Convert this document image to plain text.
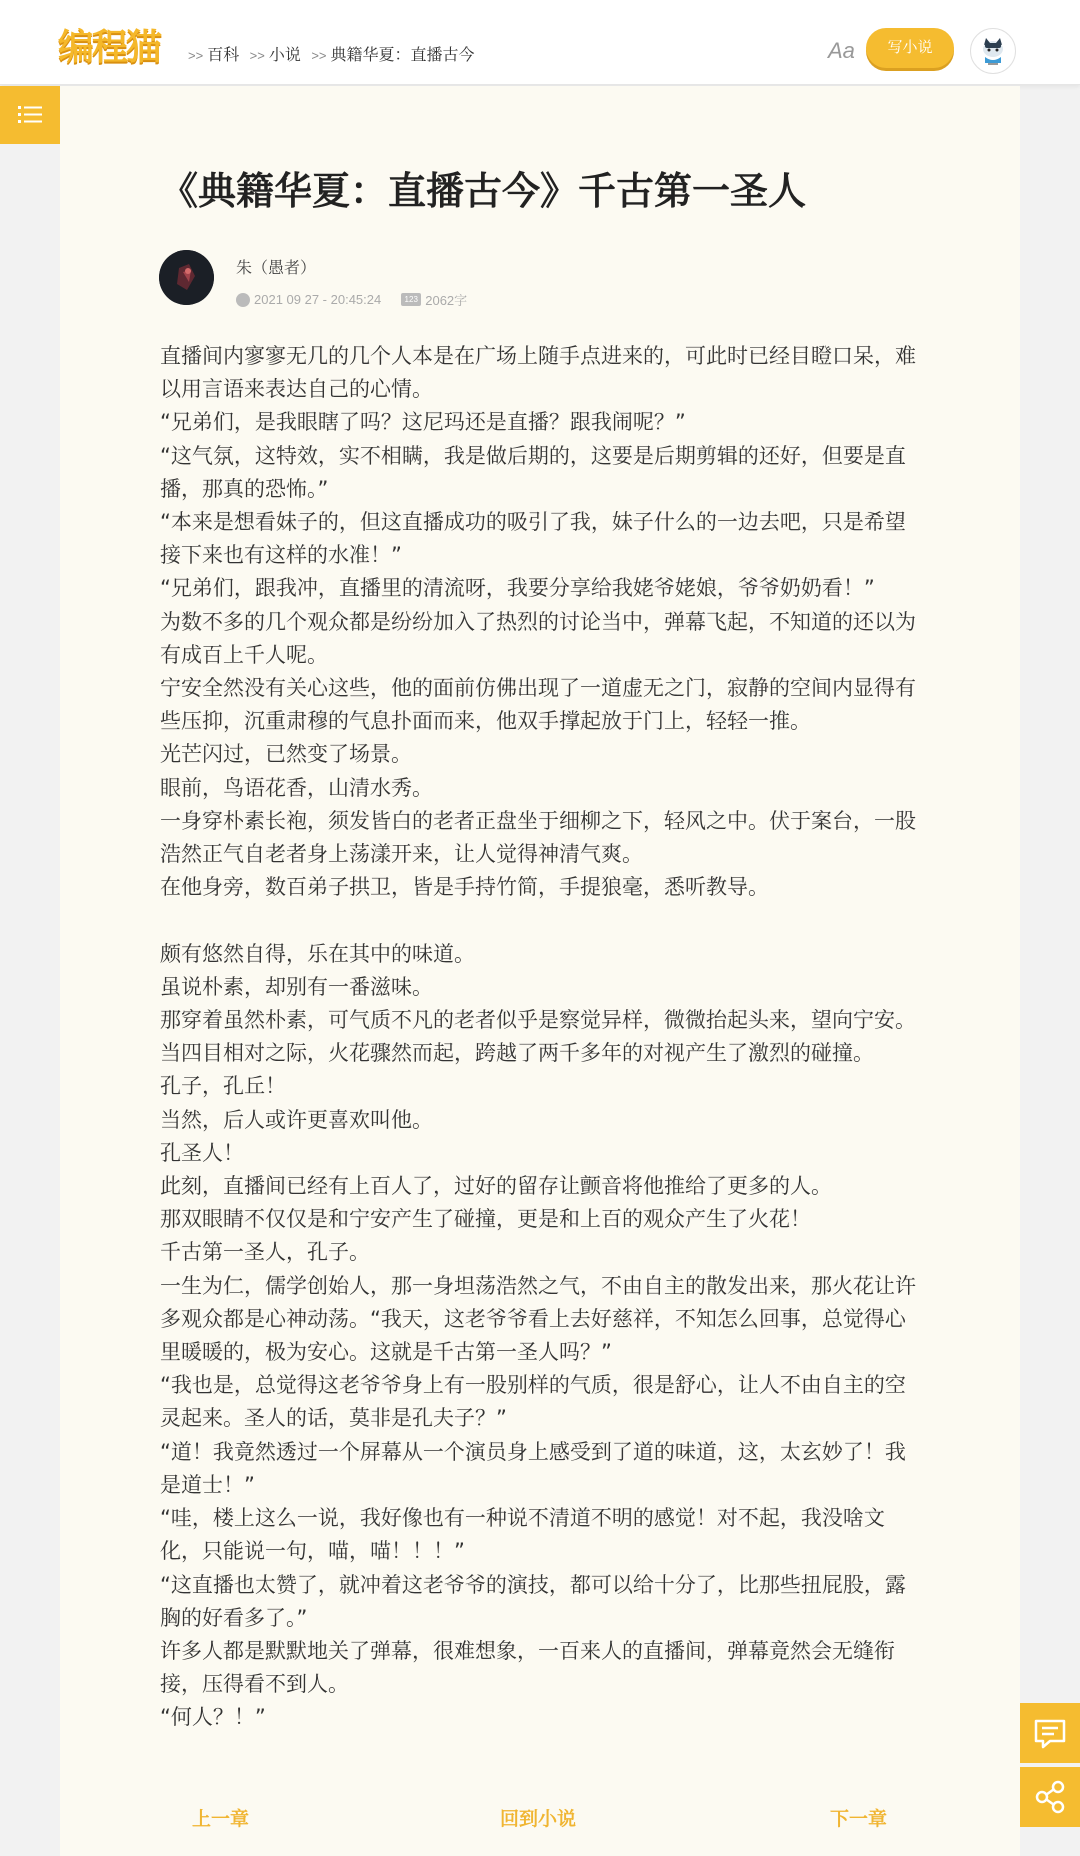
编程猫	>> 百科 >> 小说 >> 典籍华夏：直播古今	Aa	写小说
《典籍华夏：直播古今》千古第一圣人
朱（愚者）
2021 09 27 - 20:45:24	123 2062字

直播间内寥寥无几的几个人本是在广场上随手点进来的，可此时已经目瞪口呆，难以用言语来表达自己的心情。

“兄弟们，是我眼瞎了吗？这尼玛还是直播？跟我闹呢？”

“这气氛，这特效，实不相瞒，我是做后期的，这要是后期剪辑的还好，但要是直播，那真的恐怖。”

“本来是想看妹子的，但这直播成功的吸引了我，妹子什么的一边去吧，只是希望接下来也有这样的水准！”

“兄弟们，跟我冲，直播里的清流呀，我要分享给我姥爷姥娘，爷爷奶奶看！”

为数不多的几个观众都是纷纷加入了热烈的讨论当中，弹幕飞起，不知道的还以为有成百上千人呢。

宁安全然没有关心这些，他的面前仿佛出现了一道虚无之门，寂静的空间内显得有些压抑，沉重肃穆的气息扑面而来，他双手撑起放于门上，轻轻一推。

光芒闪过，已然变了场景。

眼前，鸟语花香，山清水秀。

一身穿朴素长袍，须发皆白的老者正盘坐于细柳之下，轻风之中。伏于案台，一股浩然正气自老者身上荡漾开来，让人觉得神清气爽。

在他身旁，数百弟子拱卫，皆是手持竹简，手提狼毫，悉听教导。

颇有悠然自得，乐在其中的味道。

虽说朴素，却别有一番滋味。

那穿着虽然朴素，可气质不凡的老者似乎是察觉异样，微微抬起头来，望向宁安。

当四目相对之际，火花骤然而起，跨越了两千多年的对视产生了激烈的碰撞。

孔子，孔丘！

当然，后人或许更喜欢叫他。

孔圣人！

此刻，直播间已经有上百人了，过好的留存让颤音将他推给了更多的人。

那双眼睛不仅仅是和宁安产生了碰撞，更是和上百的观众产生了火花！

千古第一圣人，孔子。

一生为仁，儒学创始人，那一身坦荡浩然之气，不由自主的散发出来，那火花让许多观众都是心神动荡。“我天，这老爷爷看上去好慈祥，不知怎么回事，总觉得心里暖暖的，极为安心。这就是千古第一圣人吗？”

“我也是，总觉得这老爷爷身上有一股别样的气质，很是舒心，让人不由自主的空灵起来。圣人的话，莫非是孔夫子？”

“道！我竟然透过一个屏幕从一个演员身上感受到了道的味道，这，太玄妙了！我是道士！”

“哇，楼上这么一说，我好像也有一种说不清道不明的感觉！对不起，我没啥文化，只能说一句，喵，喵！！！”

“这直播也太赞了，就冲着这老爷爷的演技，都可以给十分了，比那些扭屁股，露胸的好看多了。”

许多人都是默默地关了弹幕，很难想象，一百来人的直播间，弹幕竟然会无缝衔接，压得看不到人。

“何人？！”

上一章	回到小说	下一章
